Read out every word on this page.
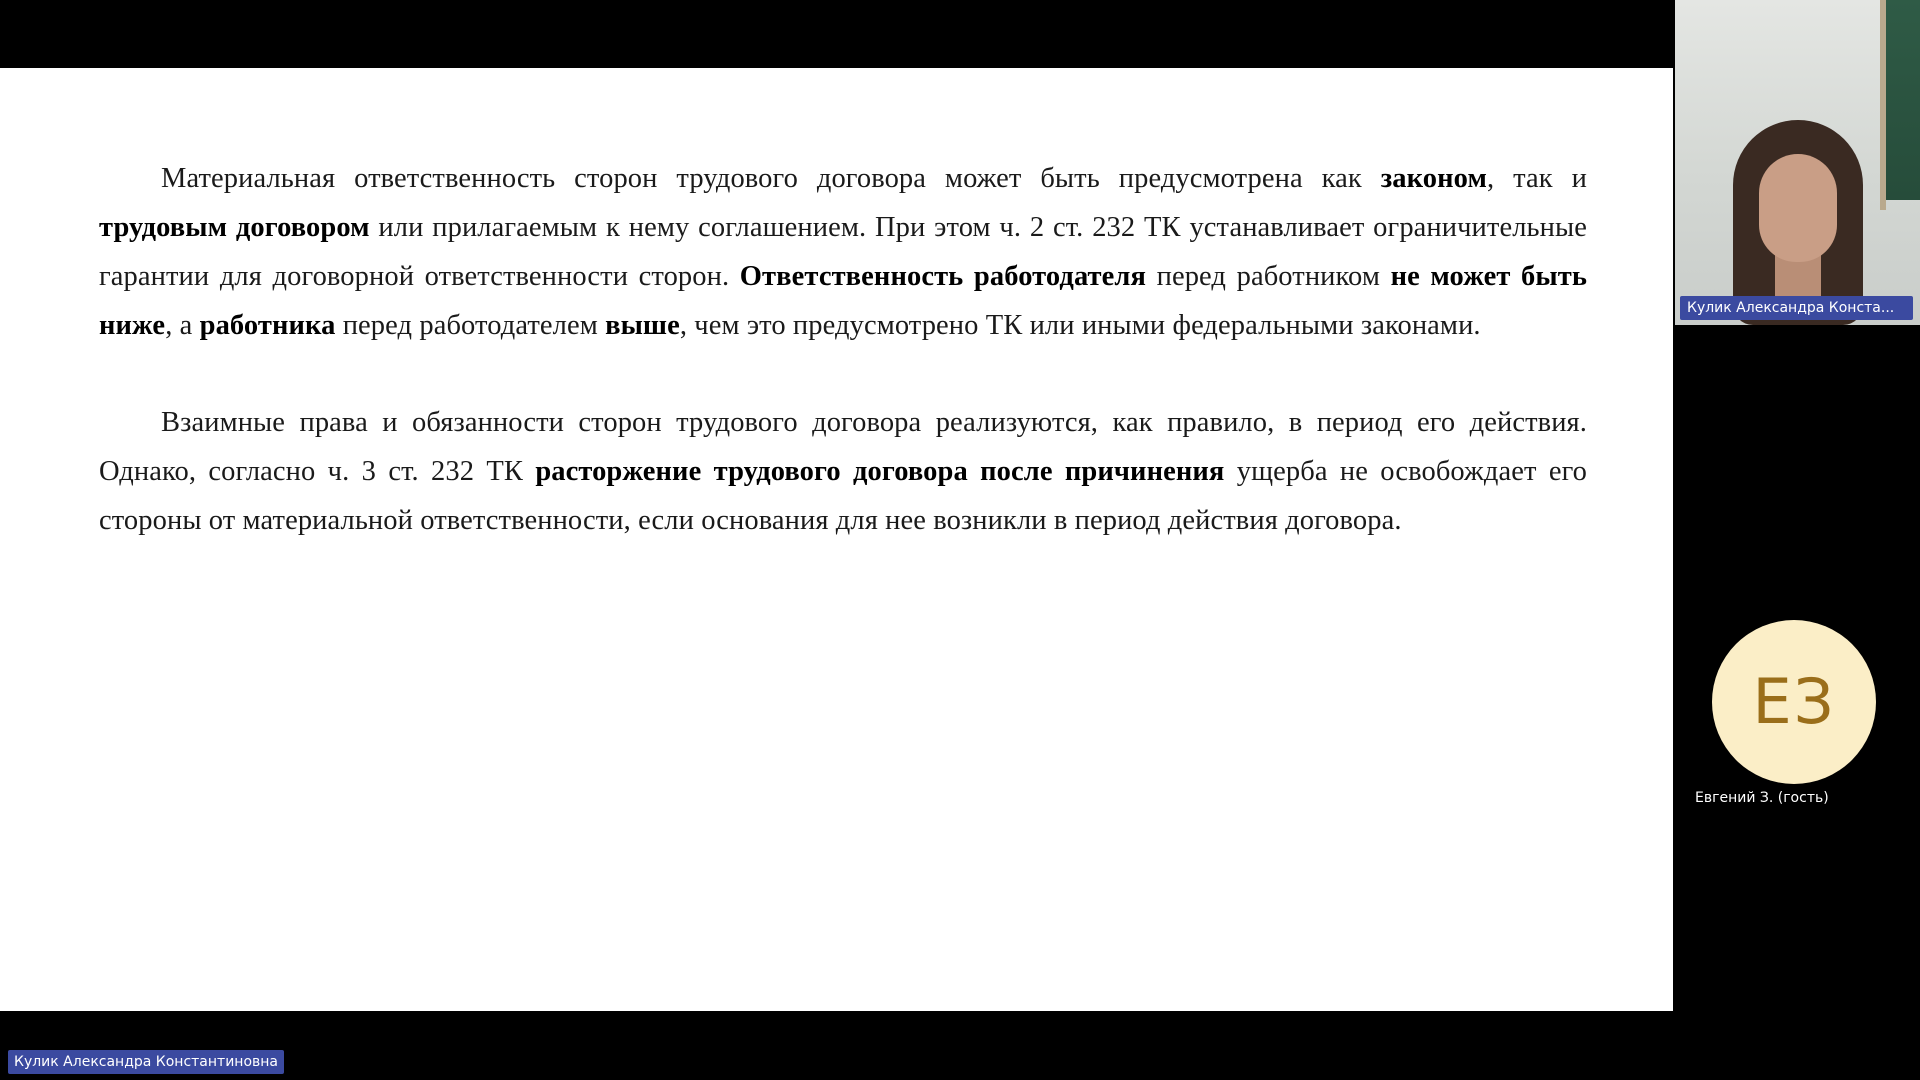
Материальная ответственность сторон трудового договора может быть предусмотрена как законом, так и трудовым договором или прилагаемым к нему соглашением. При этом ч. 2 ст. 232 ТК устанавливает ограничительные гарантии для договорной ответственности сторон. Ответственность работодателя перед работником не может быть ниже, а работника перед работодателем выше, чем это предусмотрено ТК или иными федеральными законами.

Взаимные права и обязанности сторон трудового договора реализуются, как правило, в период его действия. Однако, согласно ч. 3 ст. 232 ТК расторжение трудового договора после причинения ущерба не освобождает его стороны от материальной ответственности, если основания для нее возникли в период действия договора.

Кулик Александра Константиновна
Кулик Александра Конста...
ЕЗ
Евгений З. (гость)
